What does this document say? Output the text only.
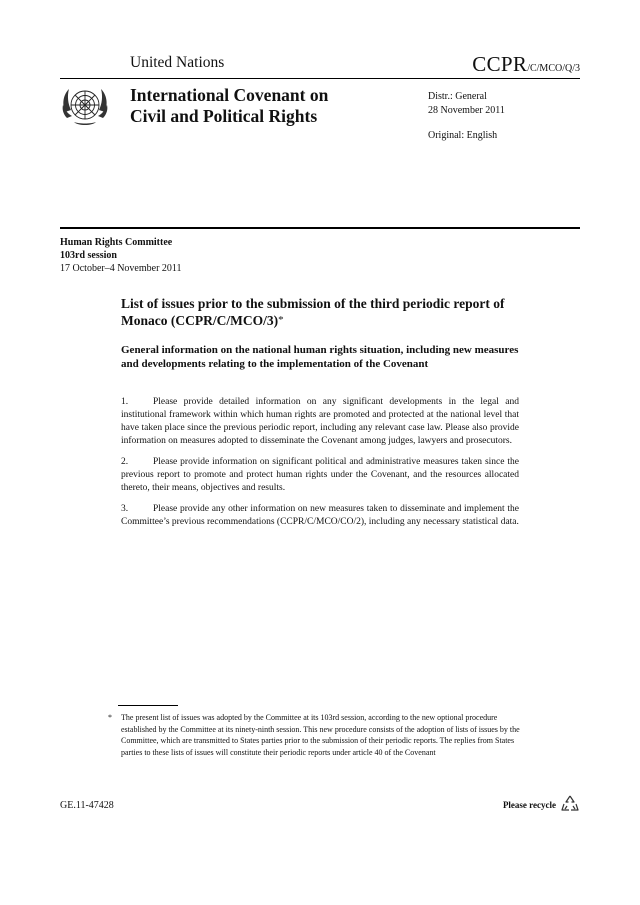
United Nations	CCPR/C/MCO/Q/3
International Covenant on
Civil and Political Rights
Distr.: General
28 November 2011
Original: English
Human Rights Committee
103rd session
17 October–4 November 2011
List of issues prior to the submission of the third periodic report of Monaco (CCPR/C/MCO/3)*
General information on the national human rights situation, including new measures and developments relating to the implementation of the Covenant

1.	Please provide detailed information on any significant developments in the legal and institutional framework within which human rights are promoted and protected at the national level that have taken place since the previous periodic report, including any relevant case law. Please also provide information on measures adopted to disseminate the Covenant among judges, lawyers and prosecutors.

2.	Please provide information on significant political and administrative measures taken since the previous report to promote and protect human rights under the Covenant, and the resources allocated thereto, their means, objectives and results.

3.	Please provide any other information on new measures taken to disseminate and implement the Committee’s previous recommendations (CCPR/C/MCO/CO/2), including any necessary statistical data.

* The present list of issues was adopted by the Committee at its 103rd session, according to the new optional procedure established by the Committee at its ninety-ninth session. This new procedure consists of the adoption of lists of issues by the Committee, which are transmitted to States parties prior to the submission of their periodic reports. The replies from States parties to these lists of issues will constitute their periodic reports under article 40 of the Covenant
GE.11-47428	Please recycle
